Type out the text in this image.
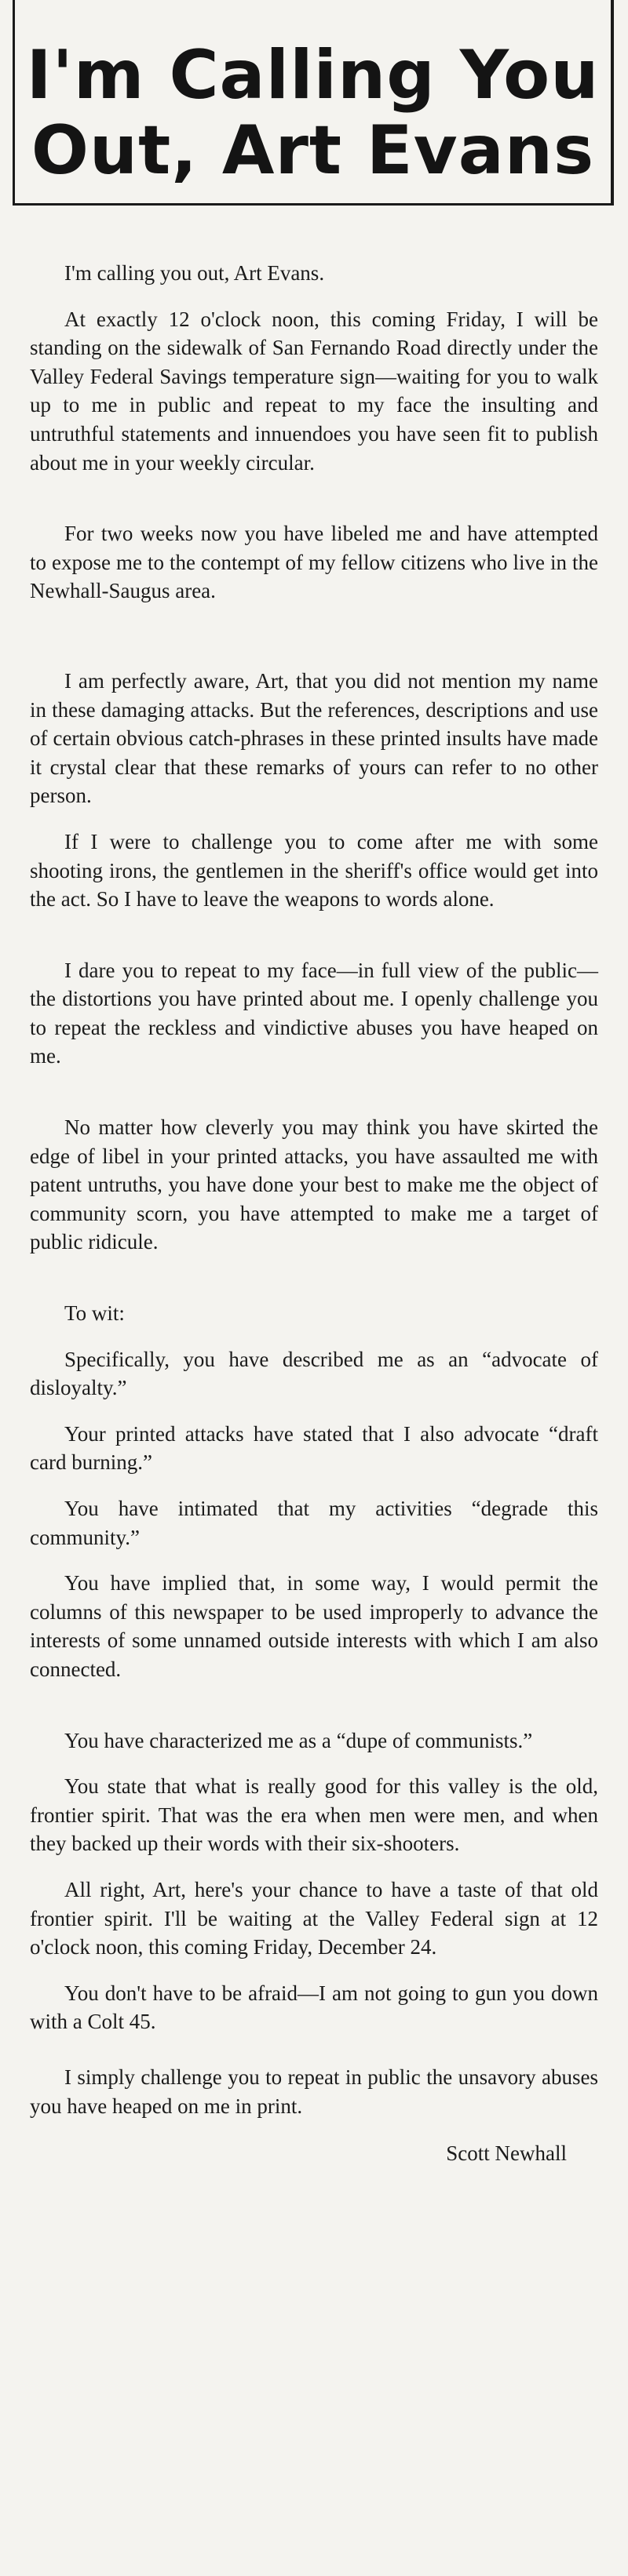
I'm Calling You
Out, Art Evans

I'm calling you out, Art Evans.

At exactly 12 o'clock noon, this coming Friday, I will be standing on the sidewalk of San Fernando Road directly under the Valley Federal Savings temperature sign—waiting for you to walk up to me in public and repeat to my face the insulting and untruthful statements and innuendoes you have seen fit to publish about me in your weekly circular.

For two weeks now you have libeled me and have attempted to expose me to the contempt of my fellow citizens who live in the Newhall-Saugus area.

I am perfectly aware, Art, that you did not mention my name in these damaging attacks. But the references, descriptions and use of certain obvious catch-phrases in these printed insults have made it crystal clear that these remarks of yours can refer to no other person.

If I were to challenge you to come after me with some shooting irons, the gentlemen in the sheriff's office would get into the act. So I have to leave the weapons to words alone.

I dare you to repeat to my face—in full view of the public—the distortions you have printed about me. I openly challenge you to repeat the reckless and vindictive abuses you have heaped on me.

No matter how cleverly you may think you have skirted the edge of libel in your printed attacks, you have assaulted me with patent untruths, you have done your best to make me the object of community scorn, you have attempted to make me a target of public ridicule.

To wit:

Specifically, you have described me as an “advocate of disloyalty.”

Your printed attacks have stated that I also advocate “draft card burning.”

You have intimated that my activities “degrade this community.”

You have implied that, in some way, I would permit the columns of this newspaper to be used improperly to advance the interests of some unnamed outside interests with which I am also connected.

You have characterized me as a “dupe of communists.”

You state that what is really good for this valley is the old, frontier spirit. That was the era when men were men, and when they backed up their words with their six-shooters.

All right, Art, here's your chance to have a taste of that old frontier spirit. I'll be waiting at the Valley Federal sign at 12 o'clock noon, this coming Friday, December 24.

You don't have to be afraid—I am not going to gun you down with a Colt 45.

I simply challenge you to repeat in public the unsavory abuses you have heaped on me in print.

Scott Newhall
